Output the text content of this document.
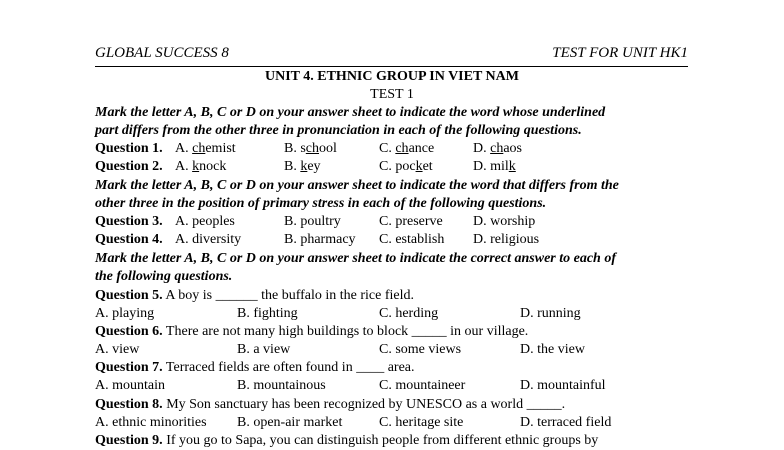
GLOBAL SUCCESS 8	TEST FOR UNIT HK1
UNIT 4. ETHNIC GROUP IN VIET NAM
TEST 1
Mark the letter A, B, C or D on your answer sheet to indicate the word whose underlined
part differs from the other three in pronunciation in each of the following questions.
Question 1. A. chemist	B. school	C. chance	D. chaos
Question 2. A. knock	B. key	C. pocket	D. milk
Mark the letter A, B, C or D on your answer sheet to indicate the word that differs from the
other three in the position of primary stress in each of the following questions.
Question 3. A. peoples	B. poultry	C. preserve D. worship
Question 4. A. diversity	B. pharmacy C. establish D. religious
Mark the letter A, B, C or D on your answer sheet to indicate the correct answer to each of
the following questions.
Question 5. A boy is ______ the buffalo in the rice field.
A. playing	B. fighting	C. herding	D. running
Question 6. There are not many high buildings to block _____ in our village.
A. view	B. a view	C. some views	D. the view
Question 7. Terraced fields are often found in ____ area.
A. mountain	B. mountainous	C. mountaineer	D. mountainful
Question 8. My Son sanctuary has been recognized by UNESCO as a world _____.
A. ethnic minorities B. open-air market	C. heritage site	D. terraced field
Question 9. If you go to Sapa, you can distinguish people from different ethnic groups by
